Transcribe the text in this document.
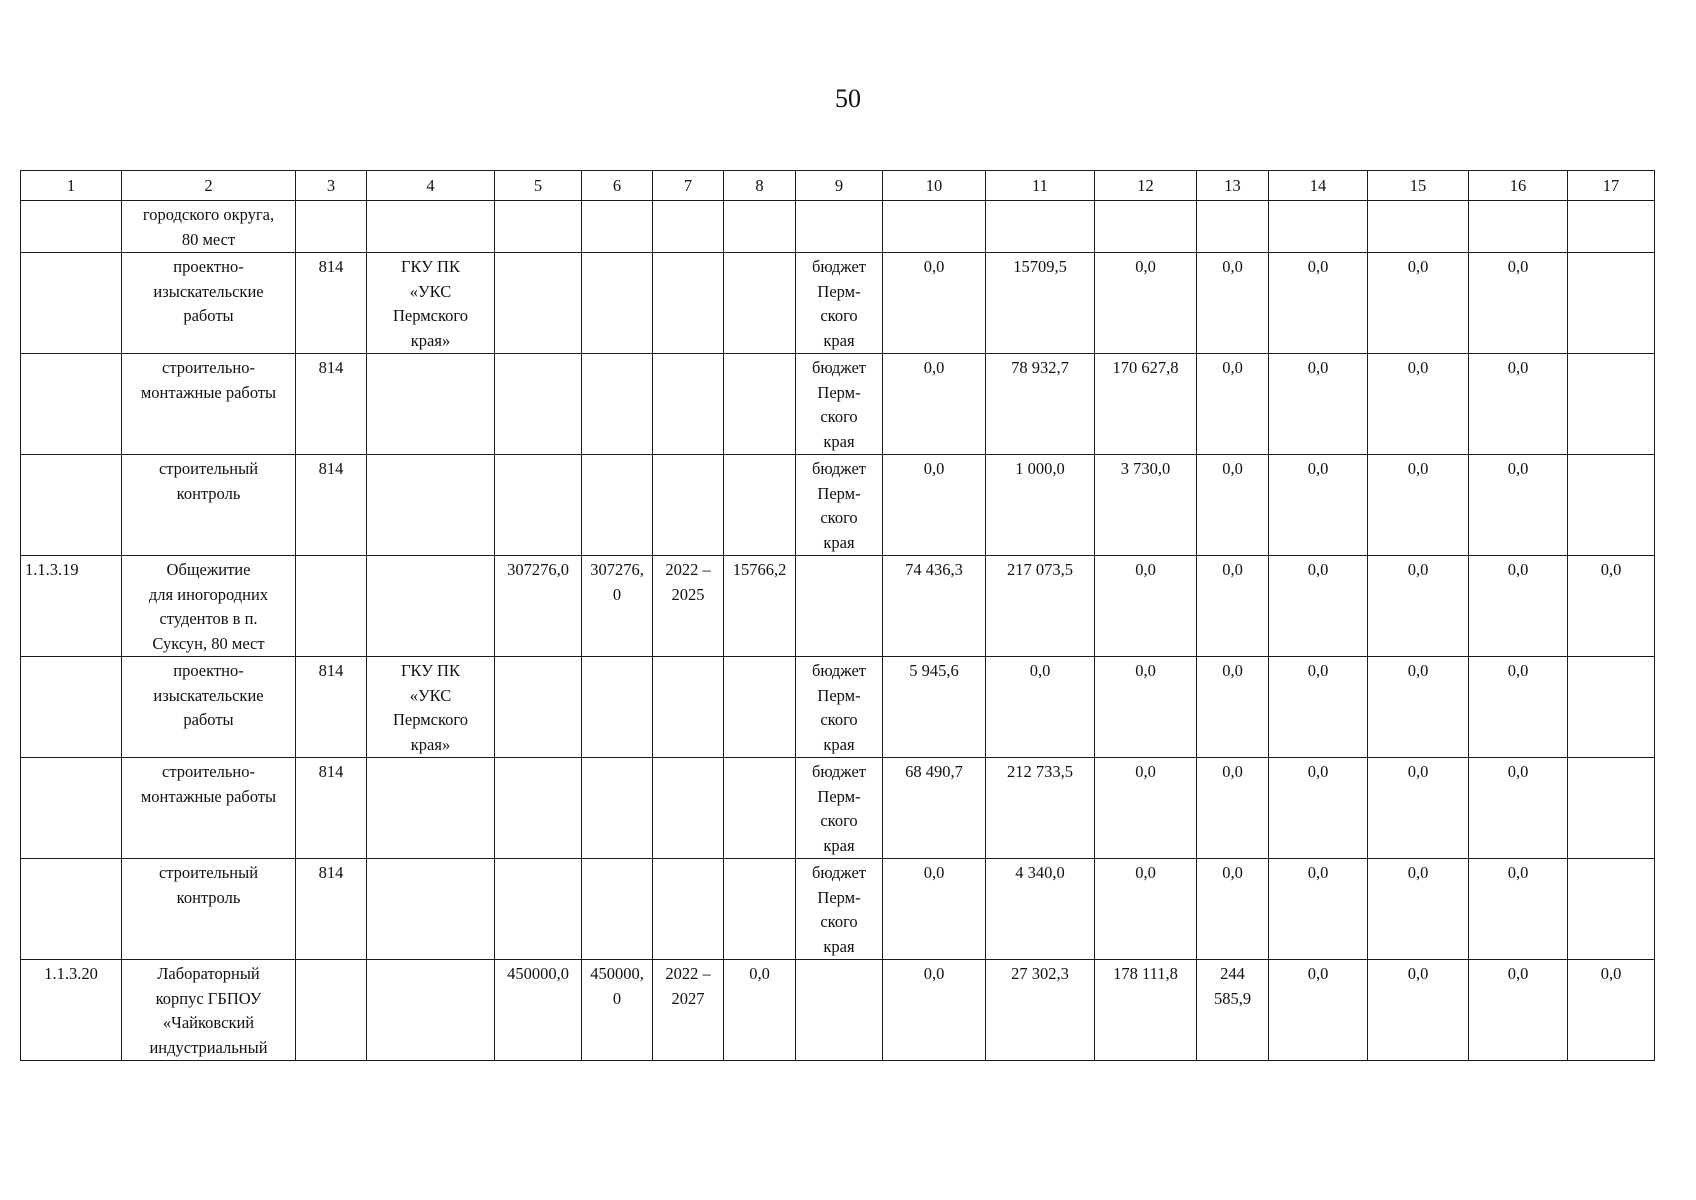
50
1	2	3	4	5	6	7	8	9	10	11	12	13	14	15	16	17
	городского округа,
80 мест															
	проектно-
изыскательские
работы	814	ГКУ ПК
«УКС
Пермского
края»					бюджет
Перм-
ского
края	0,0	15709,5	0,0	0,0	0,0	0,0	0,0	
	строительно-
монтажные работы	814						бюджет
Перм-
ского
края	0,0	78 932,7	170 627,8	0,0	0,0	0,0	0,0	
	строительный
контроль	814						бюджет
Перм-
ского
края	0,0	1 000,0	3 730,0	0,0	0,0	0,0	0,0	
1.1.3.19	Общежитие
для иногородних
студентов в п.
Суксун, 80 мест			307276,0	307276,
0	2022 –
2025	15766,2		74 436,3	217 073,5	0,0	0,0	0,0	0,0	0,0	0,0
	проектно-
изыскательские
работы	814	ГКУ ПК
«УКС
Пермского
края»					бюджет
Перм-
ского
края	5 945,6	0,0	0,0	0,0	0,0	0,0	0,0	
	строительно-
монтажные работы	814						бюджет
Перм-
ского
края	68 490,7	212 733,5	0,0	0,0	0,0	0,0	0,0	
	строительный
контроль	814						бюджет
Перм-
ского
края	0,0	4 340,0	0,0	0,0	0,0	0,0	0,0	
1.1.3.20	Лабораторный
корпус ГБПОУ
«Чайковский
индустриальный			450000,0	450000,
0	2022 –
2027	0,0		0,0	27 302,3	178 111,8	244
585,9	0,0	0,0	0,0	0,0
